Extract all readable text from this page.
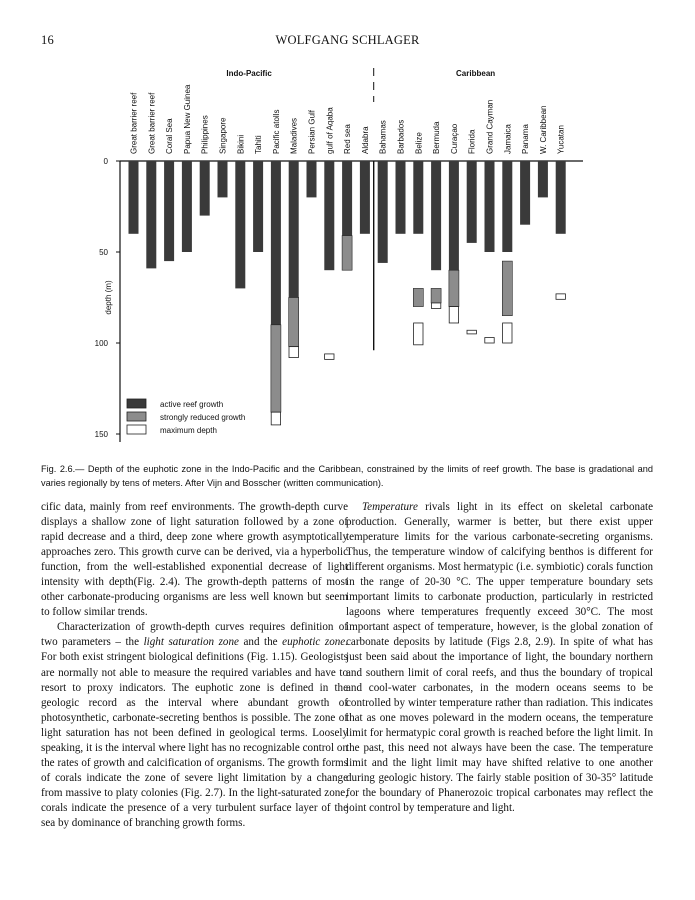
16	WOLFGANG SCHLAGER
0
50
100
150
depth (m)
Great barrier reef Great barrier reef Coral Sea Papua New Guinea Philippines Singapore Bikini Tahiti Pacific atolls Maladives Persian Gulf gulf of Aqaba Red sea Aldabra Bahamas Barbados Belize Bermuda Curaçao Florida Grand Cayman Jamaica Panama W. Caribbean Yucatan
Indo-Pacific	Caribbean
active reef growth
strongly reduced growth
maximum depth
Fig. 2.6.— Depth of the euphotic zone in the Indo-Pacific and the Caribbean, constrained by the limits of reef growth. The base is gradational and varies regionally by tens of meters. After Vijn and Bosscher (written communication).

cific data, mainly from reef environments. The growth-depth curve displays a shallow zone of light saturation followed by a zone of rapid decrease and a third, deep zone where growth asymptotically approaches zero. This growth curve can be derived, via a hyperbolic function, from the well-established exponential decrease of light intensity with depth(Fig. 2.4). The growth-depth patterns of most other carbonate-producing organisms are less well known but seem to follow similar trends.

Characterization of growth-depth curves requires definition of two parameters – the light saturation zone and the euphotic zone. For both exist stringent biological definitions (Fig. 1.15). Geologists are normally not able to measure the required variables and have to resort to proxy indicators. The euphotic zone is defined in the geologic record as the interval where abundant growth of photosynthetic, carbonate-secreting benthos is possible. The zone of light saturation has not been defined in geological terms. Loosely speaking, it is the interval where light has no recognizable control on the rates of growth and calcification of organisms. The growth forms of corals indicate the zone of severe light limitation by a change from massive to platy colonies (Fig. 2.7). In the light-saturated zone, corals indicate the presence of a very turbulent surface layer of the sea by dominance of branching growth forms.

Temperature rivals light in its effect on skeletal carbonate production. Generally, warmer is better, but there exist upper temperature limits for the various carbonate-secreting organisms. Thus, the temperature window of calcifying benthos is different for different organisms. Most hermatypic (i.e. symbiotic) corals function in the range of 20-30 °C. The upper temperature boundary sets important limits to carbonate production, particularly in restricted lagoons where temperatures frequently exceed 30°C. The most important aspect of temperature, however, is the global zonation of carbonate deposits by latitude (Figs 2.8, 2.9). In spite of what has just been said about the importance of light, the boundary northern and southern limit of coral reefs, and thus the boundary of tropical and cool-water carbonates, in the modern oceans seems to be controlled by winter temperature rather than radiation. This indicates that as one moves poleward in the modern oceans, the temperature limit for hermatypic coral growth is reached before the light limit. In the past, this need not always have been the case. The temperature limit and the light limit may have shifted relative to one another during geologic history. The fairly stable position of 30-35° latitude for the boundary of Phanerozoic tropical carbonates may reflect the joint control by temperature and light.
